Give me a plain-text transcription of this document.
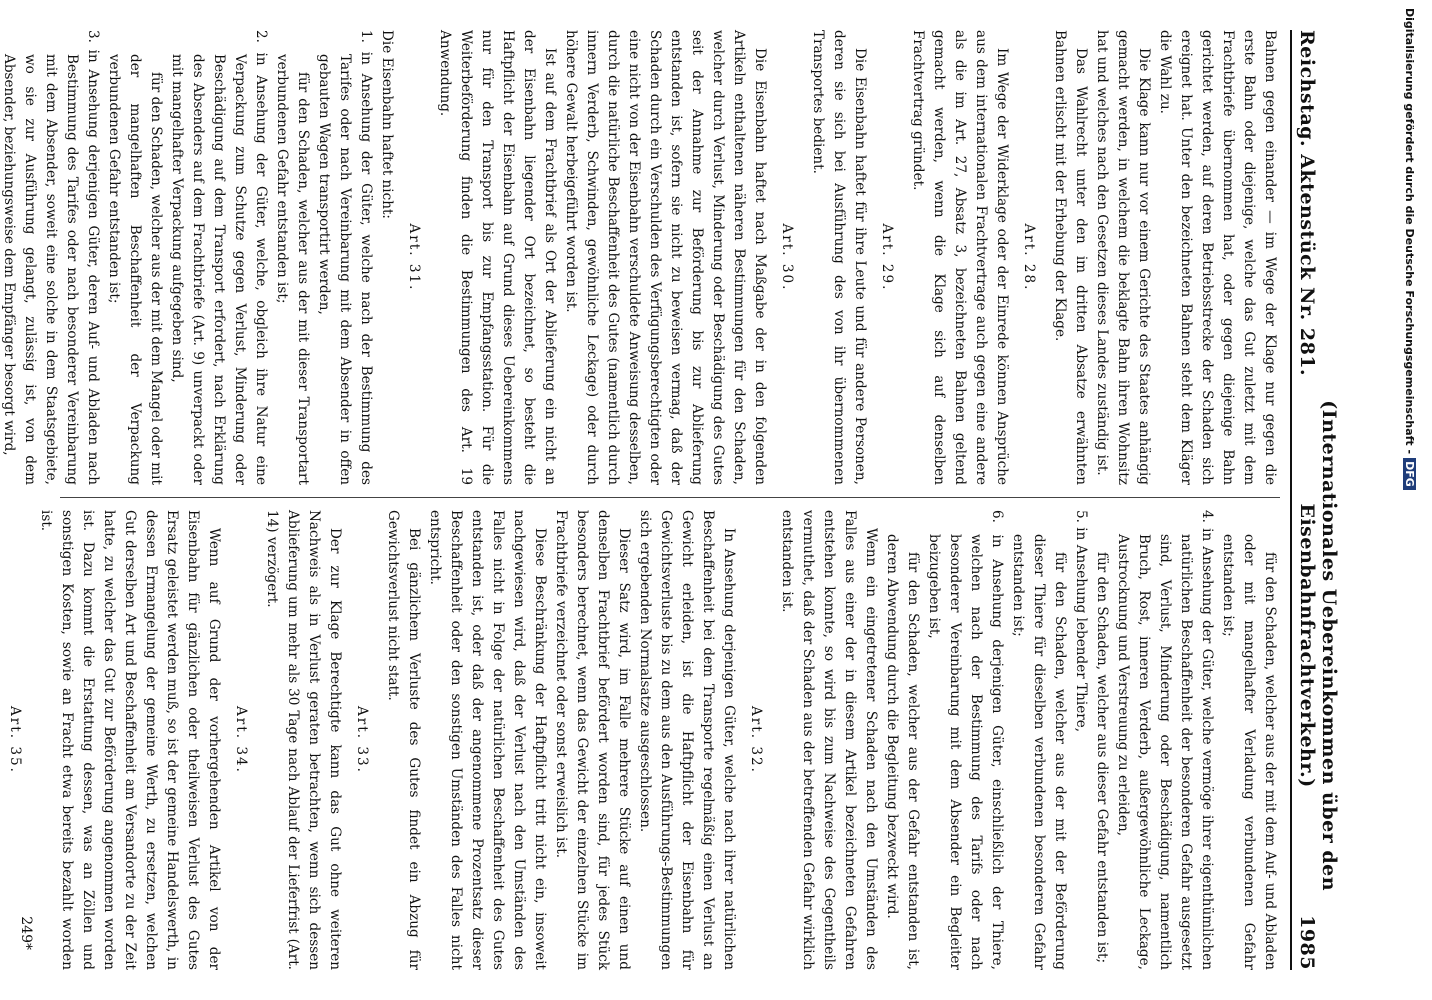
Reichstag. Aktenstück Nr. 281.
(Internationales Uebereinkommen über den Eisenbahnfrachtverkehr.)
1985

Bahnen gegen einander — im Wege der Klage nur gegen die erste Bahn oder diejenige, welche das Gut zuletzt mit dem Frachtbriefe übernommen hat, oder gegen diejenige Bahn gerichtet werden, auf deren Betriebsstrecke der Schaden sich ereignet hat. Unter den bezeichneten Bahnen steht dem Kläger die Wahl zu.

Die Klage kann nur vor einem Gerichte des Staates anhängig gemacht werden, in welchem die beklagte Bahn ihren Wohnsitz hat und welches nach den Gesetzen dieses Landes zuständig ist.

Das Wahlrecht unter den im dritten Absatze erwähnten Bahnen erlischt mit der Erhebung der Klage.

Art. 28.

Im Wege der Widerklage oder der Einrede können Ansprüche aus dem internationalen Frachtvertrage auch gegen eine andere als die im Art. 27, Absatz 3, bezeichneten Bahnen geltend gemacht werden, wenn die Klage sich auf denselben Frachtvertrag gründet.

Art. 29.

Die Eisenbahn haftet für ihre Leute und für andere Personen, deren sie sich bei Ausführung des von ihr übernommenen Transportes bedient.

Art. 30.

Die Eisenbahn haftet nach Maßgabe der in den folgenden Artikeln enthaltenen näheren Bestimmungen für den Schaden, welcher durch Verlust, Minderung oder Beschädigung des Gutes seit der Annahme zur Beförderung bis zur Ablieferung entstanden ist, sofern sie nicht zu beweisen vermag, daß der Schaden durch ein Verschulden des Verfügungsberechtigten oder eine nicht von der Eisenbahn verschuldete Anweisung desselben, durch die natürliche Beschaffenheit des Gutes (namentlich durch innern Verderb, Schwinden, gewöhnliche Leckage) oder durch höhere Gewalt herbeigeführt worden ist.

Ist auf dem Frachtbrief als Ort der Ablieferung ein nicht an der Eisenbahn liegender Ort bezeichnet, so besteht die Haftpflicht der Eisenbahn auf Grund dieses Uebereinkommens nur für den Transport bis zur Empfangsstation. Für die Weiterbeförderung finden die Bestimmungen des Art. 19 Anwendung.

Art. 31.

Die Eisenbahn haftet nicht:

1. in Ansehung der Güter, welche nach der Bestimmung des Tarifes oder nach Vereinbarung mit dem Absender in offen gebauten Wagen transportirt werden,

für den Schaden, welcher aus der mit dieser Transportart verbundenen Gefahr entstanden ist;

2. in Ansehung der Güter, welche, obgleich ihre Natur eine Verpackung zum Schutze gegen Verlust, Minderung oder Beschädigung auf dem Transport erfordert, nach Erklärung des Absenders auf dem Frachtbriefe (Art. 9) unverpackt oder mit mangelhafter Verpackung aufgegeben sind,

für den Schaden, welcher aus der mit dem Mangel oder mit der mangelhaften Beschaffenheit der Verpackung verbundenen Gefahr entstanden ist;

3. in Ansehung derjenigen Güter, deren Auf- und Abladen nach Bestimmung des Tarifes oder nach besonderer Vereinbarung mit dem Absender, soweit eine solche in dem Staatsgebiete, wo sie zur Ausführung gelangt, zulässig ist, von dem Absender, beziehungsweise dem Empfänger besorgt wird,

für den Schaden, welcher aus der mit dem Auf- und Abladen oder mit mangelhafter Verladung verbundenen Gefahr entstanden ist;

4. in Ansehung der Güter, welche vermöge ihrer eigenthümlichen natürlichen Beschaffenheit der besonderen Gefahr ausgesetzt sind, Verlust, Minderung oder Beschädigung, namentlich Bruch, Rost, inneren Verderb, außergewöhnliche Leckage, Austrocknung und Verstreuung zu erleiden,

für den Schaden, welcher aus dieser Gefahr entstanden ist;

5. in Ansehung lebender Thiere,

für den Schaden, welcher aus der mit der Beförderung dieser Thiere für dieselben verbundenen besonderen Gefahr entstanden ist;

6. in Ansehung derjenigen Güter, einschließlich der Thiere, welchen nach der Bestimmung des Tarifs oder nach besonderer Vereinbarung mit dem Absender ein Begleiter beizugeben ist,

für den Schaden, welcher aus der Gefahr entstanden ist, deren Abwendung durch die Begleitung bezweckt wird.

Wenn ein eingetretener Schaden nach den Umständen des Falles aus einer der in diesem Artikel bezeichneten Gefahren entstehen konnte, so wird bis zum Nachweise des Gegentheils vermuthet, daß der Schaden aus der betreffenden Gefahr wirklich entstanden ist.

Art. 32.

In Ansehung derjenigen Güter, welche nach ihrer natürlichen Beschaffenheit bei dem Transporte regelmäßig einen Verlust an Gewicht erleiden, ist die Haftpflicht der Eisenbahn für Gewichtsverluste bis zu dem aus den Ausführungs-Bestimmungen sich ergebenden Normalsatze ausgeschlossen.

Dieser Satz wird, im Falle mehrere Stücke auf einen und denselben Frachtbrief befördert worden sind, für jedes Stück besonders berechnet, wenn das Gewicht der einzelnen Stücke im Frachtbriefe verzeichnet oder sonst erweislich ist.

Diese Beschränkung der Haftpflicht tritt nicht ein, insoweit nachgewiesen wird, daß der Verlust nach den Umständen des Falles nicht in Folge der natürlichen Beschaffenheit des Gutes entstanden ist, oder daß der angenommene Prozentsatz dieser Beschaffenheit oder den sonstigen Umständen des Falles nicht entspricht.

Bei gänzlichem Verluste des Gutes findet ein Abzug für Gewichtsverlust nicht statt.

Art. 33.

Der zur Klage Berechtigte kann das Gut ohne weiteren Nachweis als in Verlust geraten betrachten, wenn sich dessen Ablieferung um mehr als 30 Tage nach Ablauf der Lieferfrist (Art. 14) verzögert.

Art. 34.

Wenn auf Grund der vorhergehenden Artikel von der Eisenbahn für gänzlichen oder theilweisen Verlust des Gutes Ersatz geleistet werden muß, so ist der gemeine Handelswerth, in dessen Ermangelung der gemeine Werth, zu ersetzen, welchen Gut derselben Art und Beschaffenheit am Versandorte zu der Zeit hatte, zu welcher das Gut zur Beförderung angenommen worden ist. Dazu kommt die Erstattung dessen, was an Zöllen und sonstigen Kosten, sowie an Fracht etwa bereits bezahlt worden ist.

Art. 35.

249*
Digitalisierung gefördert durch die Deutsche Forschungsgemeinschaft -DFG
